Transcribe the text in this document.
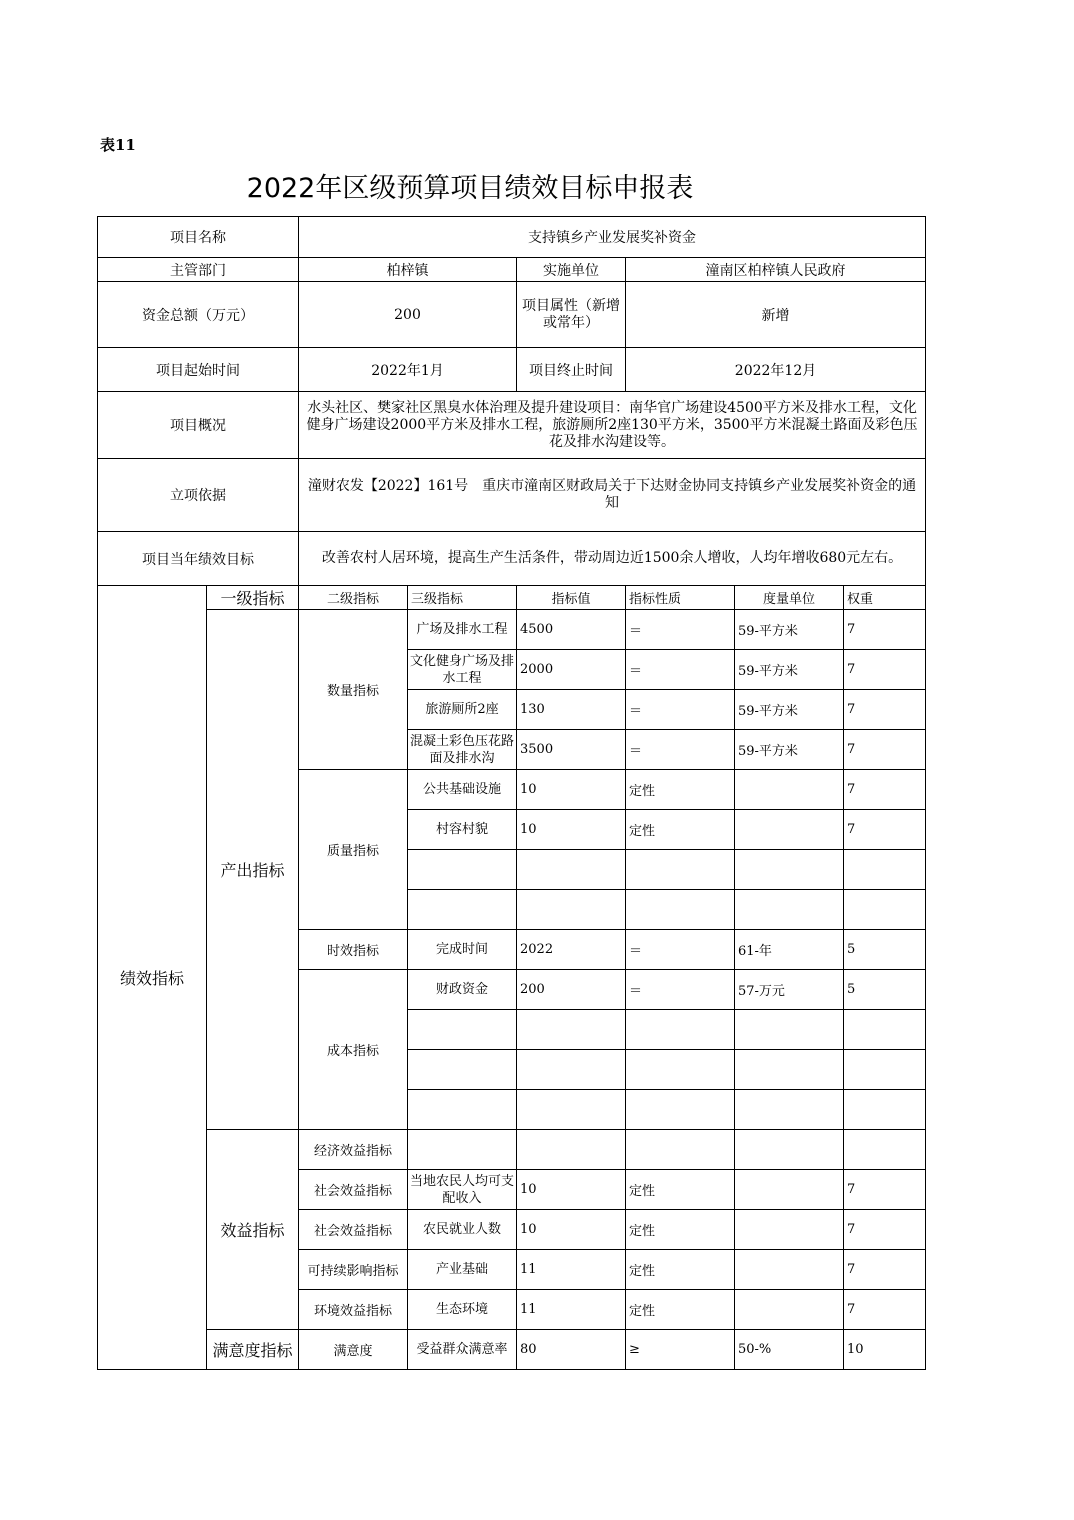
表11
2022年区级预算项目绩效目标申报表
项目名称		支持镇乡产业发展奖补资金					
主管部门		柏梓镇		实施单位	潼南区柏梓镇人民政府		
资金总额（万元）		200		项目属性（新增或常年）	新增		
项目起始时间		2022年1月		项目终止时间	2022年12月		
项目概况		水头社区、樊家社区黑臭水体治理及提升建设项目：南华官广场建设4500平方米及排水工程，文化健身广场建设2000平方米及排水工程，旅游厕所2座130平方米，3500平方米混凝土路面及彩色压花及排水沟建设等。					
立项依据		潼财农发【2022】161号　重庆市潼南区财政局关于下达财金协同支持镇乡产业发展奖补资金的通知					
项目当年绩效目标		改善农村人居环境，提高生产生活条件，带动周边近1500余人增收，人均年增收680元左右。					
绩效指标	一级指标	二级指标	三级指标	指标值	指标性质	度量单位	权重
	产出指标	数量指标	广场及排水工程	4500	＝	59-平方米	7
			文化健身广场及排水工程	2000	＝	59-平方米	7
			旅游厕所2座	130	＝	59-平方米	7
			混凝土彩色压花路面及排水沟	3500	＝	59-平方米	7
		质量指标	公共基础设施	10	定性		7
			村容村貌	10	定性		7

		时效指标	完成时间	2022	＝	61-年	5
		成本指标	财政资金	200	＝	57-万元	5

	效益指标	经济效益指标					
		社会效益指标	当地农民人均可支配收入	10	定性		7
		社会效益指标	农民就业人数	10	定性		7
		可持续影响指标	产业基础	11	定性		7
		环境效益指标	生态环境	11	定性		7
	满意度指标	满意度	受益群众满意率	80	≥	50-%	10
